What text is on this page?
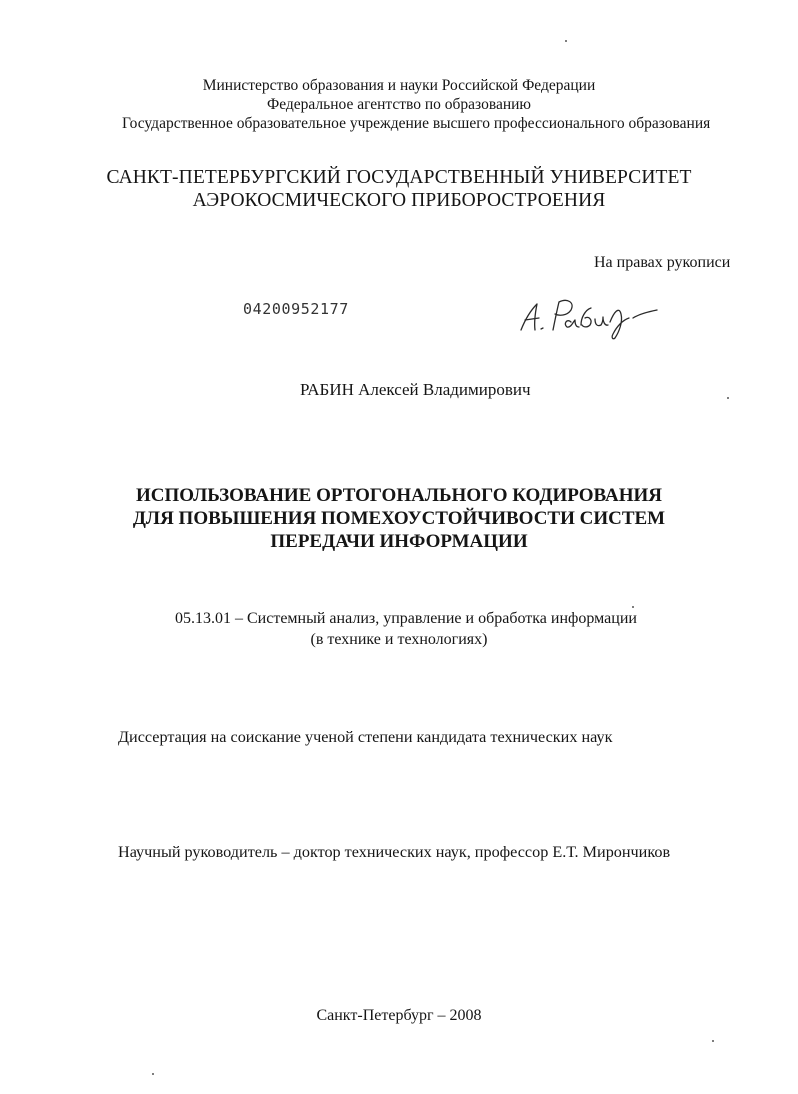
Министерство образования и науки Российской Федерации

Федеральное агентство по образованию

Государственное образовательное учреждение высшего профессионального образования

САНКТ-ПЕТЕРБУРГСКИЙ ГОСУДАРСТВЕННЫЙ УНИВЕРСИТЕТ

АЭРОКОСМИЧЕСКОГО ПРИБОРОСТРОЕНИЯ

На правах рукописи

04200952177

РАБИН Алексей Владимирович

ИСПОЛЬЗОВАНИЕ ОРТОГОНАЛЬНОГО КОДИРОВАНИЯ

ДЛЯ ПОВЫШЕНИЯ ПОМЕХОУСТОЙЧИВОСТИ СИСТЕМ

ПЕРЕДАЧИ ИНФОРМАЦИИ

05.13.01 – Системный анализ, управление и обработка информации

(в технике и технологиях)

Диссертация на соискание ученой степени кандидата технических наук

Научный руководитель – доктор технических наук, профессор Е.Т. Мирончиков

Санкт-Петербург – 2008
